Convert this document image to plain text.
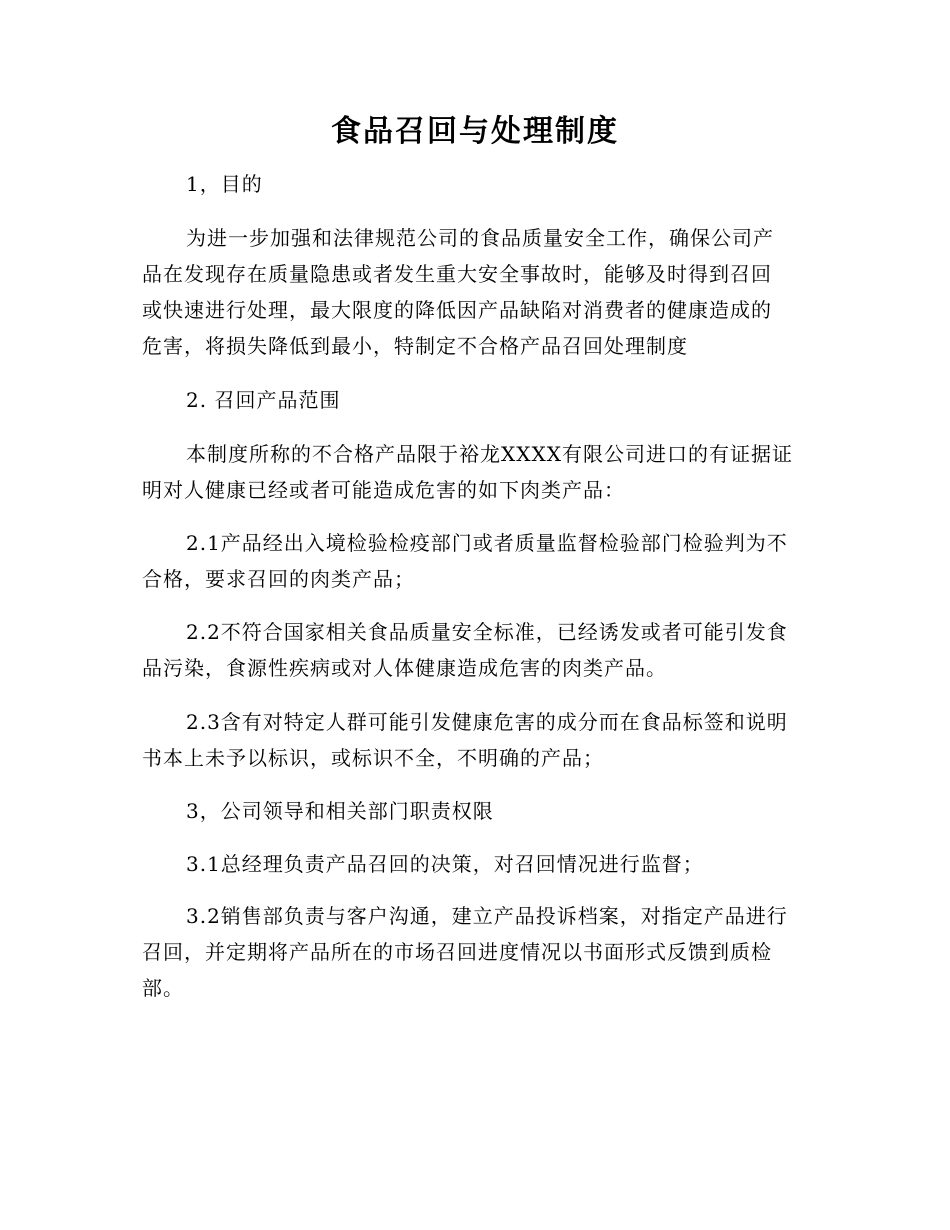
食品召回与处理制度

1，目的

为进一步加强和法律规范公司的食品质量安全工作，确保公司产
品在发现存在质量隐患或者发生重大安全事故时，能够及时得到召回
或快速进行处理，最大限度的降低因产品缺陷对消费者的健康造成的
危害，将损失降低到最小，特制定不合格产品召回处理制度

2. 召回产品范围

本制度所称的不合格产品限于裕龙XXXX有限公司进口的有证据证
明对人健康已经或者可能造成危害的如下肉类产品：

2.1产品经出入境检验检疫部门或者质量监督检验部门检验判为不
合格，要求召回的肉类产品；

2.2不符合国家相关食品质量安全标准，已经诱发或者可能引发食
品污染，食源性疾病或对人体健康造成危害的肉类产品。

2.3含有对特定人群可能引发健康危害的成分而在食品标签和说明
书本上未予以标识，或标识不全，不明确的产品；

3，公司领导和相关部门职责权限

3.1总经理负责产品召回的决策，对召回情况进行监督；

3.2销售部负责与客户沟通，建立产品投诉档案，对指定产品进行
召回，并定期将产品所在的市场召回进度情况以书面形式反馈到质检
部。
